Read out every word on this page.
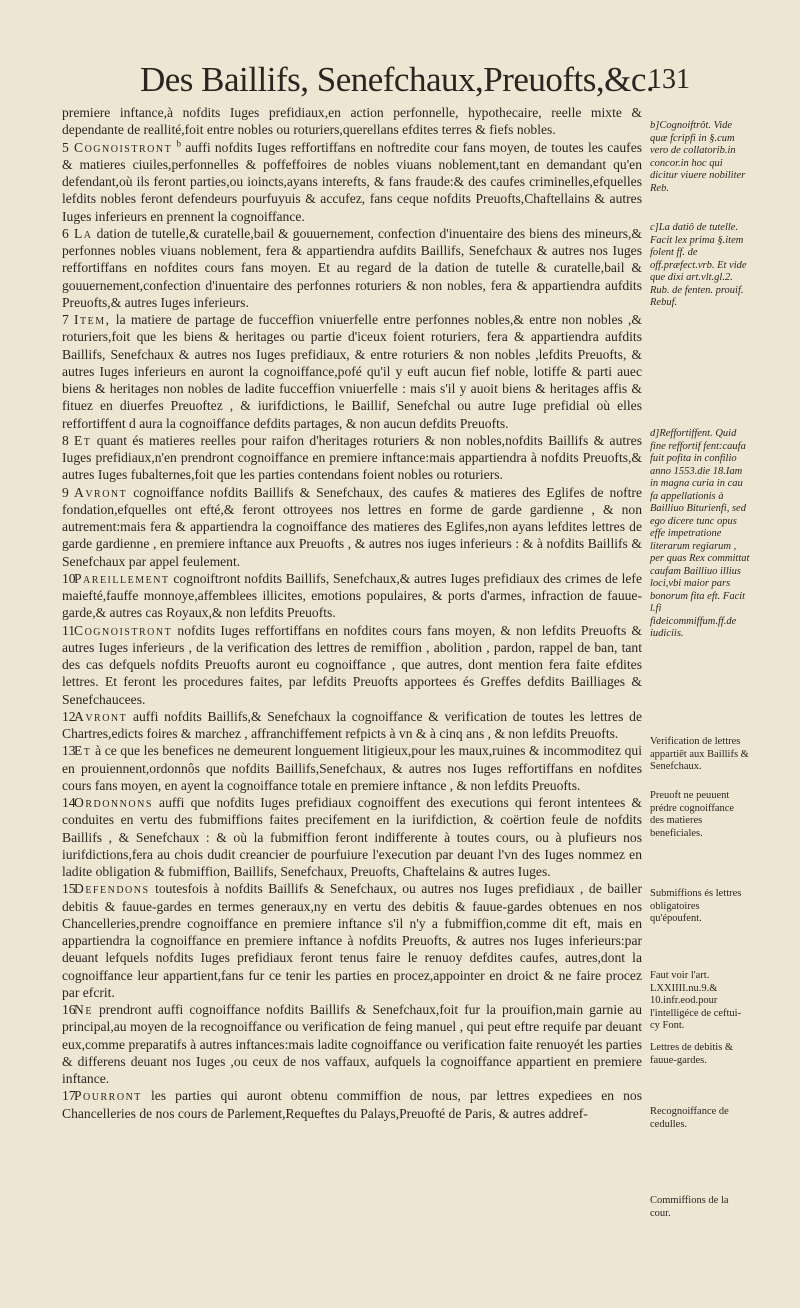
Des Baillifs, Senefchaux,Preuofts,&c.
131

premiere inftance,à nofdits Iuges prefidiaux,en action perfonnelle, hypothecaire, reelle mixte & dependante de reallité,foit entre nobles ou roturiers,querellans efdites terres & fiefs nobles.

5 Cognoistront $^b$ auffi nofdits Iuges reffortiffans en noftredite cour fans moyen, de toutes les caufes & matieres ciuiles,perfonnelles & poffeffoires de nobles viuans noblement,tant en demandant qu'en defendant,où ils feront parties,ou ioincts,ayans interefts, & fans fraude:& des caufes criminelles,efquelles lefdits nobles feront defendeurs pourfuyuis & accufez, fans ceque nofdits Preuofts,Chaftellains & autres Iuges inferieurs en prennent la cognoiffance.

6 La dation de tutelle,& curatelle,bail & gouuernement, confection d'inuentaire des biens des mineurs,& perfonnes nobles viuans noblement, fera & appartiendra aufdits Baillifs, Senefchaux & autres nos Iuges reffortiffans en nofdites cours fans moyen. Et au regard de la dation de tutelle & curatelle,bail & gouuernement,confection d'inuentaire des perfonnes roturiers & non nobles, fera & appartiendra aufdits Preuofts,& autres Iuges inferieurs.

7 Item, la matiere de partage de fucceffion vniuerfelle entre perfonnes nobles,& entre non nobles ,& roturiers,foit que les biens & heritages ou partie d'iceux foient roturiers, fera & appartiendra aufdits Baillifs, Senefchaux & autres nos Iuges prefidiaux, & entre roturiers & non nobles ,lefdits Preuofts, & autres Iuges inferieurs en auront la cognoiffance,pofé qu'il y euft aucun fief noble, lotiffe & parti auec biens & heritages non nobles de ladite fucceffion vniuerfelle : mais s'il y auoit biens & heritages affis & fituez en diuerfes Preuoftez , & iurifdictions, le Baillif, Senefchal ou autre Iuge prefidial où elles reffortiffent d aura la cognoiffance defdits partages, & non aucun defdits Preuofts.

8 Et quant és matieres reelles pour raifon d'heritages roturiers & non nobles,nofdits Baillifs & autres Iuges prefidiaux,n'en prendront cognoiffance en premiere inftance:mais appartiendra à nofdits Preuofts,& autres Iuges fubalternes,foit que les parties contendans foient nobles ou roturiers.

9 Avront cognoiffance nofdits Baillifs & Senefchaux, des caufes & matieres des Eglifes de noftre fondation,efquelles ont efté,& feront ottroyees nos lettres en forme de garde gardienne , & non autrement:mais fera & appartiendra la cognoiffance des matieres des Eglifes,non ayans lefdites lettres de garde gardienne , en premiere inftance aux Preuofts , & autres nos iuges inferieurs : & à nofdits Baillifs & Senefchaux par appel feulement.

10Pareillement cognoiftront nofdits Baillifs, Senefchaux,& autres Iuges prefidiaux des crimes de lefe maiefté,fauffe monnoye,affemblees illicites, emotions populaires, & ports d'armes, infraction de fauue-garde,& autres cas Royaux,& non lefdits Preuofts.

11Cognoistront nofdits Iuges reffortiffans en nofdites cours fans moyen, & non lefdits Preuofts & autres Iuges inferieurs , de la verification des lettres de remiffion , abolition , pardon, rappel de ban, tant des cas defquels nofdits Preuofts auront eu cognoiffance , que autres, dont mention fera faite efdites lettres. Et feront les procedures faites, par lefdits Preuofts apportees és Greffes defdits Bailliages & Senefchaucees.

12Avront auffi nofdits Baillifs,& Senefchaux la cognoiffance & verification de toutes les lettres de Chartres,edicts foires & marchez , affranchiffement refpicts à vn & à cinq ans , & non lefdits Preuofts.

13Et à ce que les benefices ne demeurent longuement litigieux,pour les maux,ruines & incommoditez qui en prouiennent,ordonnôs que nofdits Baillifs,Senefchaux, & autres nos Iuges reffortiffans en nofdites cours fans moyen, en ayent la cognoiffance totale en premiere inftance , & non lefdits Preuofts.

14Ordonnons auffi que nofdits Iuges prefidiaux cognoiffent des executions qui feront intentees & conduites en vertu des fubmiffions faites precifement en la iurifdiction, & coërtion feule de nofdits Baillifs , & Senefchaux : & où la fubmiffion feront indifferente à toutes cours, ou à plufieurs nos iurifdictions,fera au chois dudit creancier de pourfuiure l'execution par deuant l'vn des Iuges nommez en ladite obligation & fubmiffion, Baillifs, Senefchaux, Preuofts, Chaftelains & autres Iuges.

15Defendons toutesfois à nofdits Baillifs & Senefchaux, ou autres nos Iuges prefidiaux , de bailler debitis & fauue-gardes en termes generaux,ny en vertu des debitis & fauue-gardes obtenues en nos Chancelleries,prendre cognoiffance en premiere inftance s'il n'y a fubmiffion,comme dit eft, mais en appartiendra la cognoiffance en premiere inftance à nofdits Preuofts, & autres nos Iuges inferieurs:par deuant lefquels nofdits Iuges prefidiaux feront tenus faire le renuoy defdites caufes, autres,dont la cognoiffance leur appartient,fans fur ce tenir les parties en procez,appointer en droict & ne faire procez par efcrit.

16Ne prendront auffi cognoiffance nofdits Baillifs & Senefchaux,foit fur la prouifion,main garnie au principal,au moyen de la recognoiffance ou verification de feing manuel , qui peut eftre requife par deuant eux,comme preparatifs à autres inftances:mais ladite cognoiffance ou verification faite renuoyét les parties & differens deuant nos Iuges ,ou ceux de nos vaffaux, aufquels la cognoiffance appartient en premiere inftance.

17Pourront les parties qui auront obtenu commiffion de nous, par lettres expediees en nos Chancelleries de nos cours de Parlement,Requeftes du Palays,Preuofté de Paris, & autres addref-

b]Cognoiftrôt. Vide quæ fcripfi in §.cum vero de collatorib.in concor.in hoc qui dicitur viuere nobiliter Reb.
c]La datiô de tutelle. Facit lex prima §.item folent ff. de off.præfect.vrb. Et vide que dixi art.vlt.gl.2. Rub. de fenten. prouif. Rebuf.
d]Reffortiffent. Quid fine reffortif fent:caufa fuit pofita in confilio anno 1553.die 18.Iam in magna curia in cau fa appellationis à Bailliuo Biturienfi, sed ego dicere tunc opus effe impetratione literarum regiarum , per quas Rex committat caufam Bailliuo illius loci,vbi maior pars bonorum fita eft. Facit l.fi fideicommiffum.ff.de iudiciis.
Verification de lettres appartiêt aux Baillifs & Senefchaux.
Preuoft ne peuuent prédre cognoiffance des matieres beneficiales.
Submiffions és lettres obligatoires qu'époufent.
Faut voir l'art. LXXIIII.nu.9.& 10.infr.eod.pour l'intelligéce de ceftui-cy Font.
Lettres de debitis & fauue-gardes.
Recognoiffance de cedulles.
Commiffions de la cour.
